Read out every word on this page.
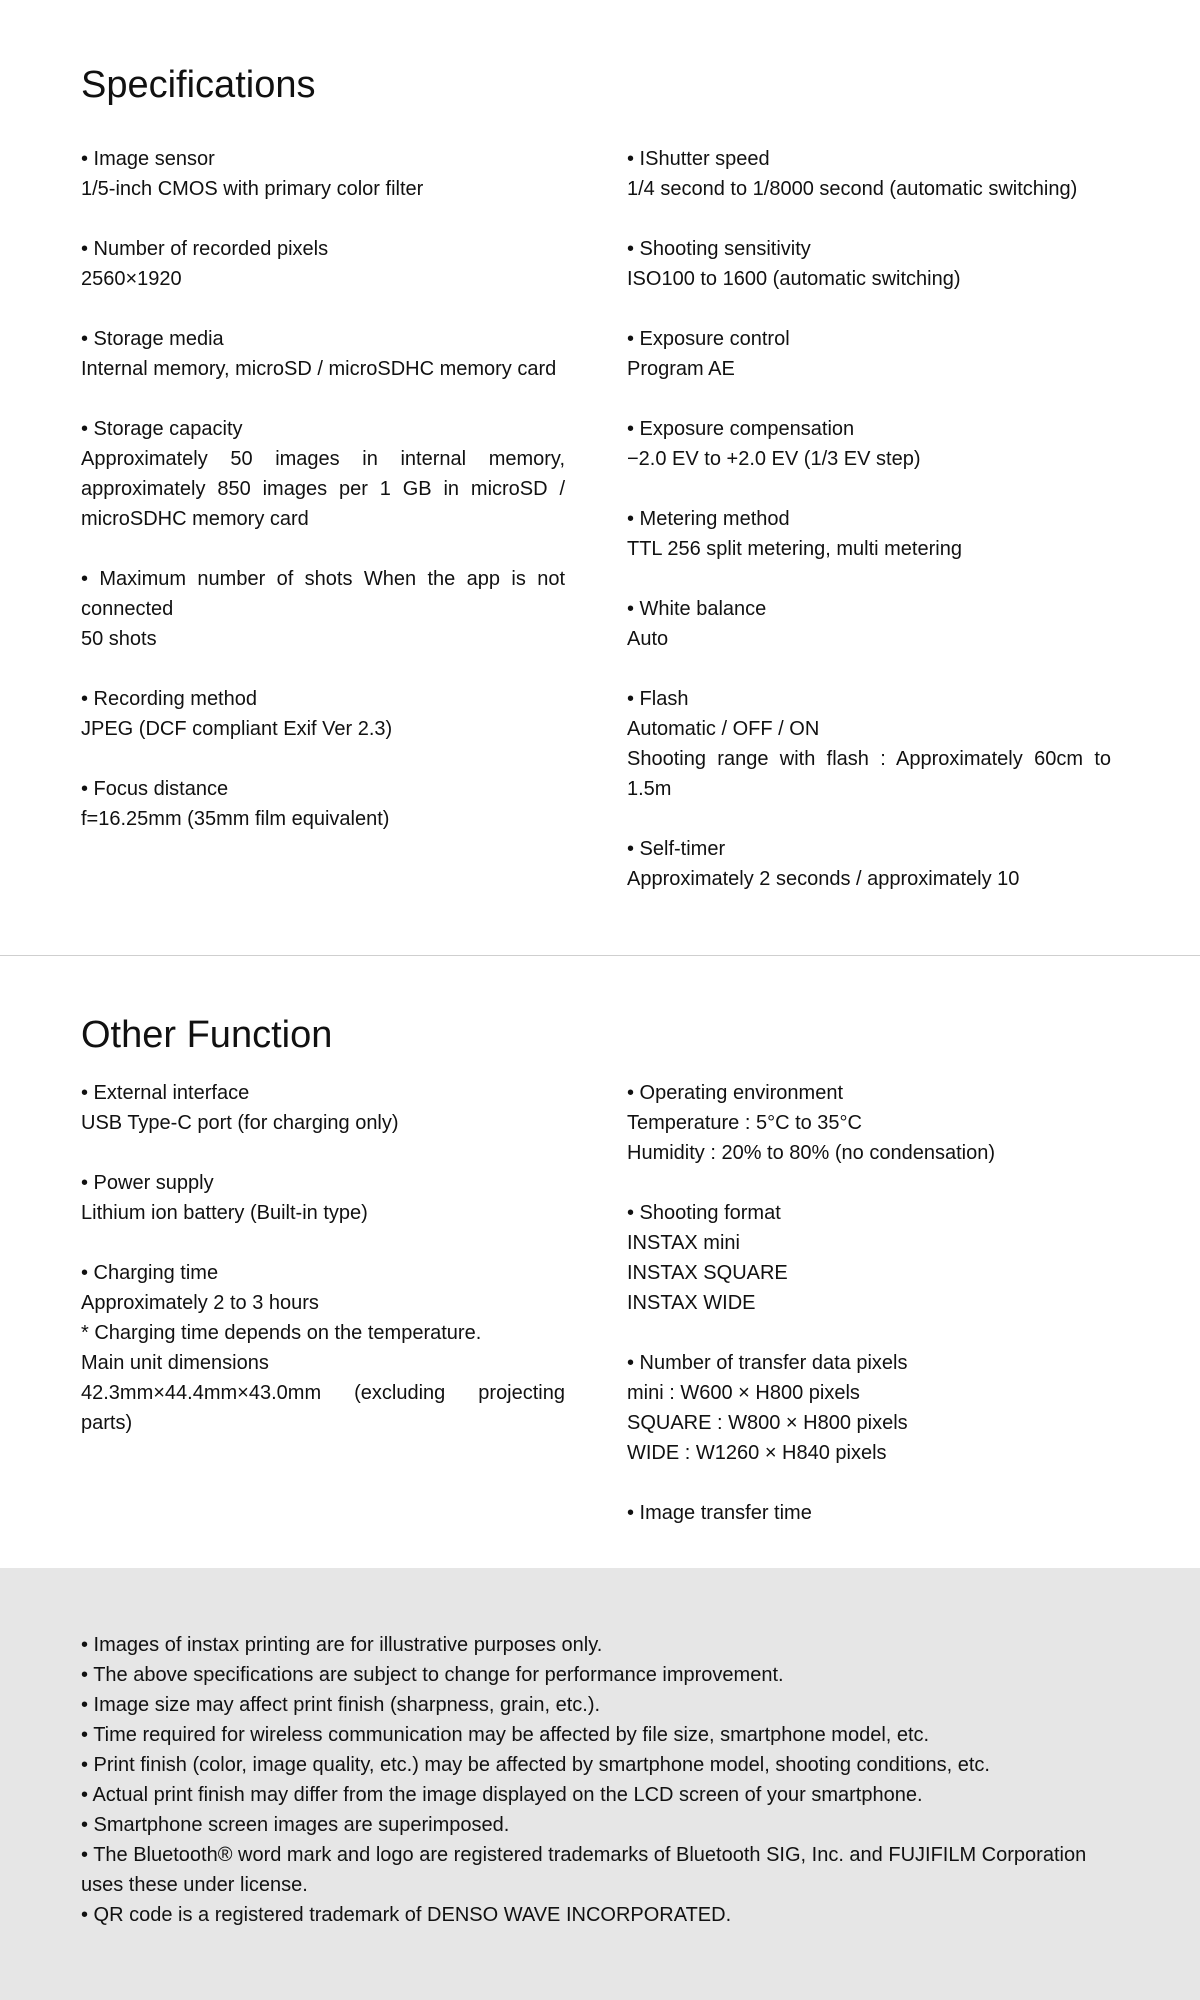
Specifications

• Image sensor

1/5-inch CMOS with primary color filter

• Number of recorded pixels

2560×1920

• Storage media

Internal memory, microSD / microSDHC memory card

• Storage capacity

Approximately 50 images in internal memory, approximately 850 images per 1 GB in microSD / microSDHC memory card

• Maximum number of shots When the app is not connected

50 shots

• Recording method

JPEG (DCF compliant Exif Ver 2.3)

• Focus distance

f=16.25mm (35mm film equivalent)

• IShutter speed

1/4 second to 1/8000 second (automatic switching)

• Shooting sensitivity

ISO100 to 1600 (automatic switching)

• Exposure control

Program AE

• Exposure compensation

−2.0 EV to +2.0 EV (1/3 EV step)

• Metering method

TTL 256 split metering, multi metering

• White balance

Auto

• Flash

Automatic / OFF / ON

Shooting range with flash : Approximately 60cm to 1.5m

• Self-timer

Approximately 2 seconds / approximately 10

Other Function

• External interface

USB Type-C port (for charging only)

• Power supply

Lithium ion battery (Built-in type)

• Charging time

Approximately 2 to 3 hours

* Charging time depends on the temperature.

Main unit dimensions

42.3mm×44.4mm×43.0mm (excluding projecting parts)

• Operating environment

Temperature : 5°C to 35°C

Humidity : 20% to 80% (no condensation)

• Shooting format

INSTAX mini

INSTAX SQUARE

INSTAX WIDE

• Number of transfer data pixels

mini : W600 × H800 pixels

SQUARE : W800 × H800 pixels

WIDE : W1260 × H840 pixels

• Image transfer time

• Images of instax printing are for illustrative purposes only.

• The above specifications are subject to change for performance improvement.

• Image size may affect print finish (sharpness, grain, etc.).

• Time required for wireless communication may be affected by file size, smartphone model, etc.

• Print finish (color, image quality, etc.) may be affected by smartphone model, shooting conditions, etc.

• Actual print finish may differ from the image displayed on the LCD screen of your smartphone.

• Smartphone screen images are superimposed.

• The Bluetooth® word mark and logo are registered trademarks of Bluetooth SIG, Inc. and FUJIFILM Corporation uses these under license.

• QR code is a registered trademark of DENSO WAVE INCORPORATED.
